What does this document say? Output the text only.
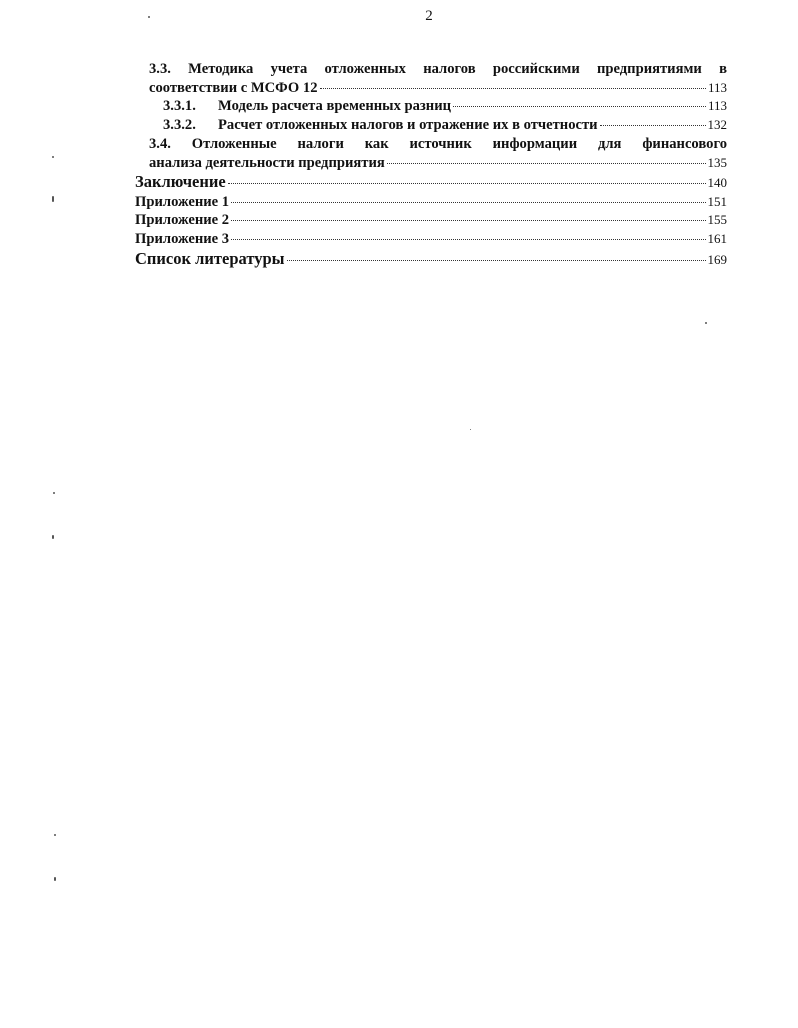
2
3.3. Методика учета отложенных налогов российскими предприятиями в
соответствии с МСФО 12	113
3.3.1.	Модель расчета временных разниц	113
3.3.2.	Расчет отложенных налогов и отражение их в отчетности	132
3.4. Отложенные налоги как источник информации для финансового
анализа деятельности предприятия	135
Заключение	140
Приложение 1	151
Приложение 2	155
Приложение 3	161
Список литературы	169
